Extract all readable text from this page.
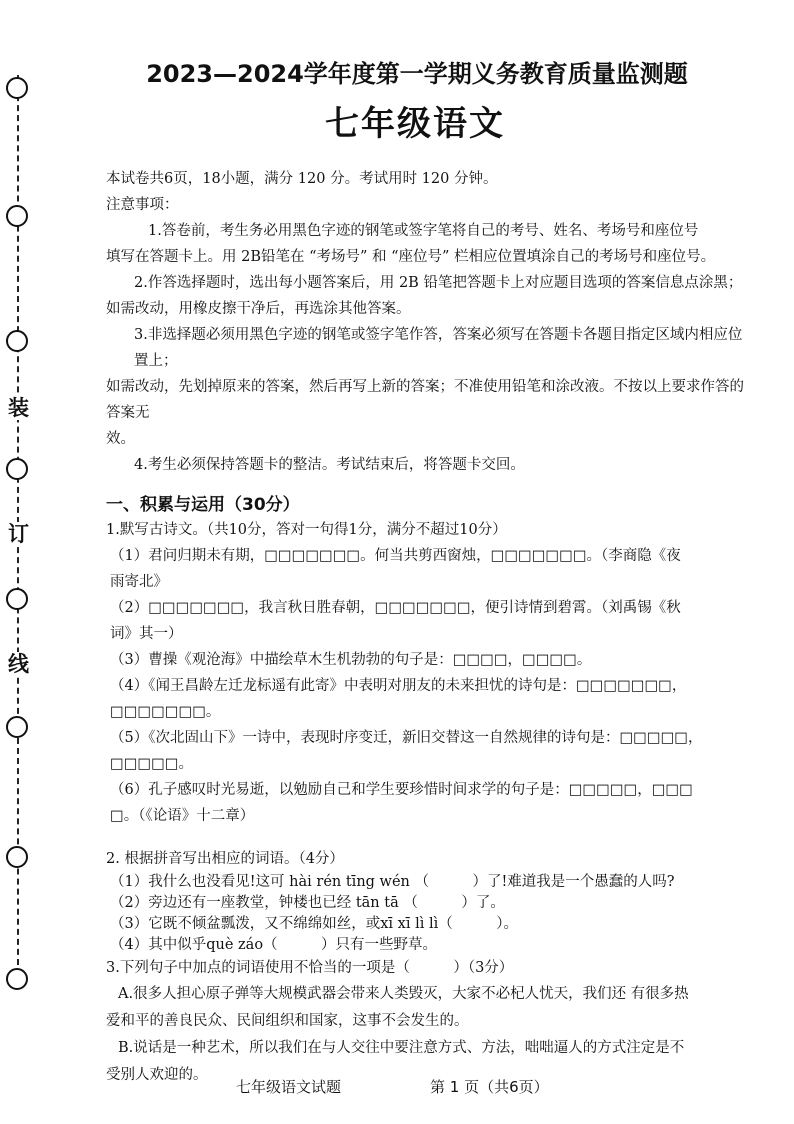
装
订
线
2023—2024学年度第一学期义务教育质量监测题
七年级语文

本试卷共6页，18小题，满分 120 分。考试用时 120 分钟。

注意事项：

1.答卷前，考生务必用黑色字迹的钢笔或签字笔将自己的考号、姓名、考场号和座位号

填写在答题卡上。用 2B铅笔在 “考场号” 和 “座位号” 栏相应位置填涂自己的考场号和座位号。

2.作答选择题时，选出每小题答案后，用 2B 铅笔把答题卡上对应题目选项的答案信息点涂黑；

如需改动，用橡皮擦干净后，再选涂其他答案。

3.非选择题必须用黑色字迹的钢笔或签字笔作答，答案必须写在答题卡各题目指定区域内相应位置上；

如需改动，先划掉原来的答案，然后再写上新的答案；不准使用铅笔和涂改液。不按以上要求作答的答案无

效。

4.考生必须保持答题卡的整洁。考试结束后，将答题卡交回。

一、积累与运用（30分）

1.默写古诗文。（共10分，答对一句得1分，满分不超过10分）

（1）君问归期未有期，□□□□□□□。何当共剪西窗烛，□□□□□□□。（李商隐《夜

雨寄北》

（2）□□□□□□□，我言秋日胜春朝，□□□□□□□，便引诗情到碧霄。（刘禹锡《秋

词》其一）

（3）曹操《观沧海》中描绘草木生机勃勃的句子是：□□□□，□□□□。

（4）《闻王昌龄左迁龙标遥有此寄》中表明对朋友的未来担忧的诗句是：□□□□□□□，

□□□□□□□。

（5）《次北固山下》一诗中，表现时序变迁，新旧交替这一自然规律的诗句是：□□□□□，

□□□□□。

（6）孔子感叹时光易逝，以勉励自己和学生要珍惜时间求学的句子是：□□□□□，□□□

□。（《论语》十二章）

2. 根据拼音写出相应的词语。（4分）

（1）我什么也没看见!这可 hài rén tīng wén （　　　）了!难道我是一个愚蠢的人吗?

（2）旁边还有一座教堂，钟楼也已经 tān tā （　　　）了。

（3）它既不倾盆瓢泼，又不绵绵如丝，或xī xī lì lì（　　　）。

（4）其中似乎què záo（　　　）只有一些野草。

3.下列句子中加点的词语使用不恰当的一项是（　　　）（3分）

A.很多人担心原子弹等大规模武器会带来人类毁灭，大家不必杞人忧天，我们还 有很多热

爱和平的善良民众、民间组织和国家，这事不会发生的。

B.说话是一种艺术，所以我们在与人交往中要注意方式、方法，咄咄逼人的方式注定是不

受别人欢迎的。

七年级语文试题	第 1 页（共6页）
